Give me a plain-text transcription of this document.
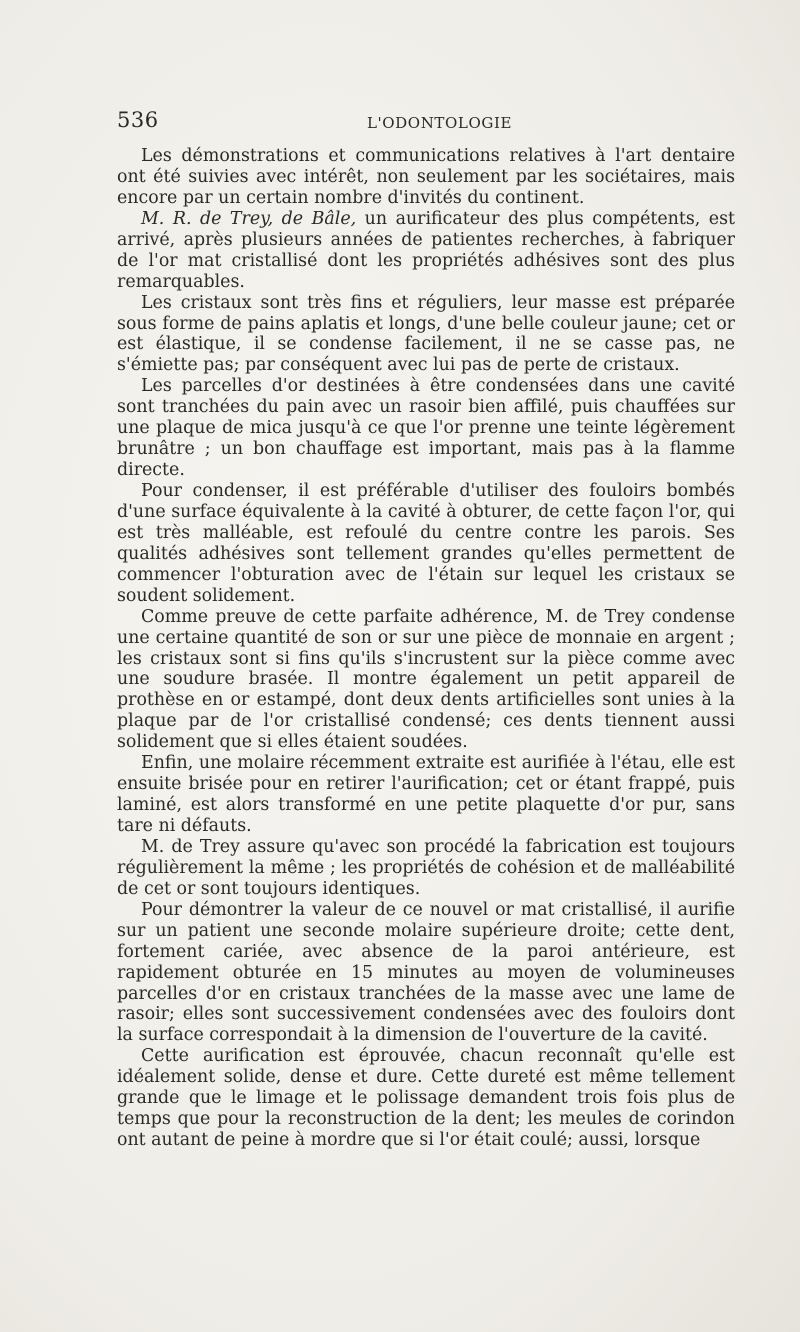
536	L'ODONTOLOGIE

Les démonstrations et communications relatives à l'art dentaire ont été suivies avec intérêt, non seulement par les sociétaires, mais encore par un certain nombre d'invités du continent.

M. R. de Trey, de Bâle, un aurificateur des plus compétents, est arrivé, après plusieurs années de patientes recherches, à fabriquer de l'or mat cristallisé dont les propriétés adhésives sont des plus remarquables.

Les cristaux sont très fins et réguliers, leur masse est préparée sous forme de pains aplatis et longs, d'une belle couleur jaune; cet or est élastique, il se condense facilement, il ne se casse pas, ne s'émiette pas; par conséquent avec lui pas de perte de cristaux.

Les parcelles d'or destinées à être condensées dans une cavité sont tranchées du pain avec un rasoir bien affilé, puis chauffées sur une plaque de mica jusqu'à ce que l'or prenne une teinte légèrement brunâtre ; un bon chauffage est important, mais pas à la flamme directe.

Pour condenser, il est préférable d'utiliser des fouloirs bombés d'une surface équivalente à la cavité à obturer, de cette façon l'or, qui est très malléable, est refoulé du centre contre les parois. Ses qualités adhésives sont tellement grandes qu'elles permettent de commencer l'obturation avec de l'étain sur lequel les cristaux se soudent solidement.

Comme preuve de cette parfaite adhérence, M. de Trey condense une certaine quantité de son or sur une pièce de monnaie en argent ; les cristaux sont si fins qu'ils s'incrustent sur la pièce comme avec une soudure brasée. Il montre également un petit appareil de prothèse en or estampé, dont deux dents artificielles sont unies à la plaque par de l'or cristallisé condensé; ces dents tiennent aussi solidement que si elles étaient soudées.

Enfin, une molaire récemment extraite est aurifiée à l'étau, elle est ensuite brisée pour en retirer l'aurification; cet or étant frappé, puis laminé, est alors transformé en une petite plaquette d'or pur, sans tare ni défauts.

M. de Trey assure qu'avec son procédé la fabrication est toujours régulièrement la même ; les propriétés de cohésion et de malléabilité de cet or sont toujours identiques.

Pour démontrer la valeur de ce nouvel or mat cristallisé, il aurifie sur un patient une seconde molaire supérieure droite; cette dent, fortement cariée, avec absence de la paroi antérieure, est rapidement obturée en 15 minutes au moyen de volumineuses parcelles d'or en cristaux tranchées de la masse avec une lame de rasoir; elles sont successivement condensées avec des fouloirs dont la surface correspondait à la dimension de l'ouverture de la cavité.

Cette aurification est éprouvée, chacun reconnaît qu'elle est idéalement solide, dense et dure. Cette dureté est même tellement grande que le limage et le polissage demandent trois fois plus de temps que pour la reconstruction de la dent; les meules de corindon ont autant de peine à mordre que si l'or était coulé; aussi, lorsque
